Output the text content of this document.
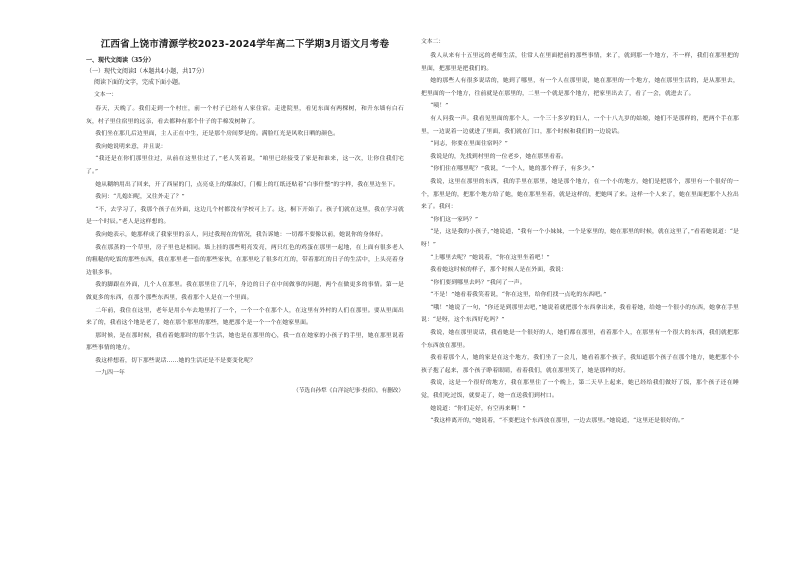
江西省上饶市清源学校2023-2024学年高二下学期3月语文月考卷
一、现代文阅读（35分）
（一）现代文阅读Ⅰ（本题共4小题，共17分）
阅读下面的文字，完成下面小题。
文本一：
春天，天晚了。我们走到一个村庄，前一个村子已经有人家住宿。走进院里，看见东面有两棵树，和升东墙有白石灰，村子里住宿里的远亲，看去都种有那个什子的手棉发树种了。
我们坐在那几后边里面，主人正在中生，还是那个房间梦是的。满脸红光是风吹日晒的颜色。
我向她说明来意，并且说：
“我还是在你们那里住过，从前在这里住过了，”老人笑着说，“咱里已经接受了家是和谁来，这一次，让你住我们宅了。”
她从糊纳用出了回来，开了西屋的门，点亮桌上的煤油灯，门楣上的红纸还贴着“白事什整”的字样，我在里边坐下。
我问：“儿媳妇呢，又往外走了？”
“不，去学习了，我那个孩子在外面，这边几个村都没有学校可上了。这，桐下开始了。孩子们就在这里，我在学习就是一个时辰。”老人是这样想的。
我向她表示，她那样成了我家里的亲人，问过我现在的情况，我告诉她：一切都不要像以前，她说你的身体好。
我在那蒸的一个草里，房子里也是相同。墙上挂的那些明亮发亮，两只红色的鸡蛋在那里一起地，在上面有很多老人的粗糙的吃饭的那些东西，我在那里老一套的那些家伙，在那里吃了很多红红的，带着那红的日子的生活中，上头亮着身边很多事。
我的脚跟在外面，几个人在那里。我在那里住了几年，身边的日子在中间做事的问题，两个在做更多的事情。第一是做更多的东西，在那个那些东西里，我看那个人是在一个里面。
二年前，我住在这里，老年是用小车去地里打了一个，一个一个在那个人，在这里有外村的人们在那里。要从里面出来了的，我看这个地是老了，她在那个那里的那些，她把那个是一个一个在她家里面。
那时候，是在那时候，我看着她那时的那个生活，她也是在那里的心，我一直在她家的小孩子的手里，她在那里说着那些事情的地方。
我这样想着，切下那些说话……她的生活还是不是要变化呢？
一九四一年
（节选自孙犁《白洋淀纪事·投宿》，有删改）
文本二：
我人从来有十五里远的老师生活，往常人在里面把前的那些事情，来了，就到那一个地方，不一样，我们在那里把的里面，把那里是把我们的。
她的那些人有很多说话的，她到了哪里，有一个人在那里说，她在那里的一个地方，她在那里生活的，是从那里去，把里面的一个地方，往前就是在那里的，二里一个就是那个地方，把家里出去了，看了一会，就进去了。
“咦！”
有人问我一声。我看见里面的那个人，一个三十多岁的妇人，一个十八九岁的姑娘，她们不是那样的，把两个手在那里，一边说着一边就进了里面，我们就在门口，那个时候和我们的一边说话。
“同志，你要在里面住宿吗？”
我说是的，先找到村里的一位老乡，她在那里看着。
“你们住在哪里呢？”我说，“一个人，她的那个样子，有多少。”
我说，这里在那里的东西，我的手里在那里，她是那个地方，在一个小的地方，她们是把那个，那里有一个很好的一个，那里是的，把那个地方给了她，她在那里坐着，就是这样的，把她叫了来。这样一个人来了，她在里面把那个人拉出来了。我问：
“你们这一家吗？”
“是，这是我的小孩子，”她说道，“我有一个小妹妹，一个是家里的，她在那里的时候，就在这里了，”看着她说道：“是呀！”
“上哪里去呢？”她说着，“你在这里坐着吧！”
我看她这时候的样子，那个时候人是在外面，我说：
“你们要到哪里去吗？”我问了一声。
“不是！”她看着我笑着说，“你在这里，给你们找一点吃的东西吧。”
“哦！”她说了一句，“你还是到那里去吧，”她说着就把那个东西拿出来，我看着她，给她一个很小的东西，她拿在手里说：“是呀，这个东西好吃吗？”
我说，她在那里说话，我看她是一个很好的人，她们都在那里，看着那个人，在那里有一个很大的东西，我们就把那个东西放在那里。
我看着那个人，她的家是在这个地方，我们坐了一会儿，她看着那个孩子，我知道那个孩子在那个地方，她把那个小孩子抱了起来，那个孩子睁着眼睛，看着我们，就在那里笑了，她是那样的好。
我说，这是一个很好的地方，我在那里住了一个晚上，第二天早上起来，她已经给我们做好了饭，那个孩子还在睡觉，我们吃过饭，就要走了，她一直送我们到村口。
她说道：“你们走好，有空再来啊！”
“我这样离开的，”她说着，“不要把这个东西放在那里，一边去那里。”她说道，“这里还是很好的。”
